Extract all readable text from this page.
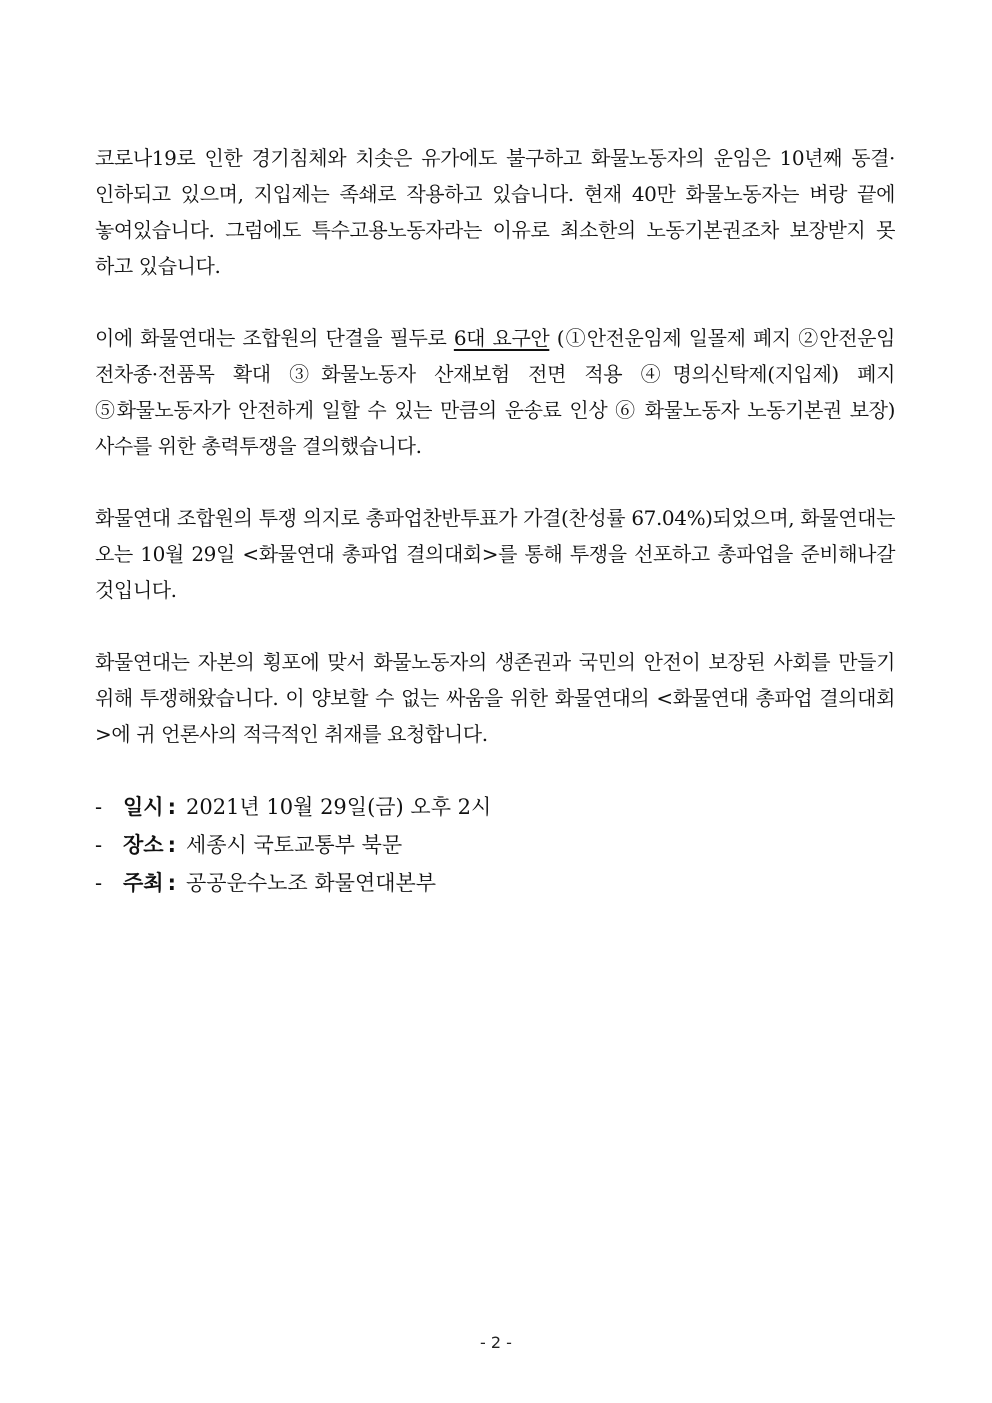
코로나19로 인한 경기침체와 치솟은 유가에도 불구하고 화물노동자의 운임은 10년째 동결·인하되고 있으며, 지입제는 족쇄로 작용하고 있습니다. 현재 40만 화물노동자는 벼랑 끝에 놓여있습니다. 그럼에도 특수고용노동자라는 이유로 최소한의 노동기본권조차 보장받지 못 하고 있습니다.

이에 화물연대는 조합원의 단결을 필두로 6대 요구안 (①안전운임제 일몰제 폐지 ②안전운임 전차종·전품목 확대 ③화물노동자 산재보험 전면 적용 ④명의신탁제(지입제) 폐지 ⑤화물노동자가 안전하게 일할 수 있는 만큼의 운송료 인상 ⑥ 화물노동자 노동기본권 보장) 사수를 위한 총력투쟁을 결의했습니다.

화물연대 조합원의 투쟁 의지로 총파업찬반투표가 가결(찬성률 67.04%)되었으며, 화물연대는 오는 10월 29일 <화물연대 총파업 결의대회>를 통해 투쟁을 선포하고 총파업을 준비해나갈 것입니다.

화물연대는 자본의 횡포에 맞서 화물노동자의 생존권과 국민의 안전이 보장된 사회를 만들기 위해 투쟁해왔습니다. 이 양보할 수 없는 싸움을 위한 화물연대의 <화물연대 총파업 결의대회>에 귀 언론사의 적극적인 취재를 요청합니다.

- 일시 : 2021년 10월 29일(금) 오후 2시
- 장소 : 세종시 국토교통부 북문
- 주최 : 공공운수노조 화물연대본부
- 2 -
